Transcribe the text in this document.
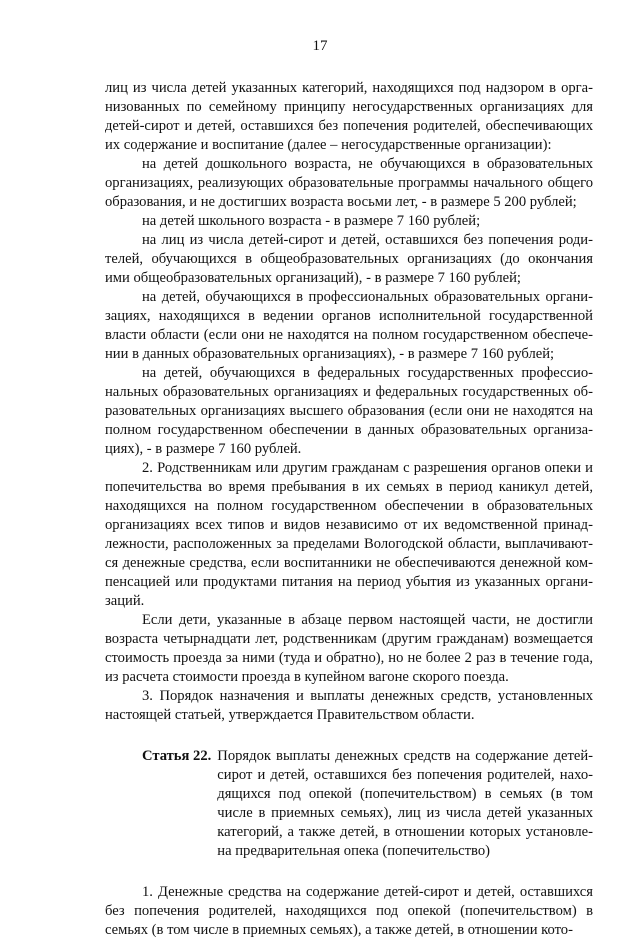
17

лиц из числа детей указанных категорий, находящихся под надзором в организованных по семейному принципу негосударственных организациях для детей-сирот и детей, оставшихся без попечения родителей, обеспечивающих их содержание и воспитание (далее – негосударственные организации):

на детей дошкольного возраста, не обучающихся в образовательных организациях, реализующих образовательные программы начального общего образования, и не достигших возраста восьми лет, - в размере 5 200 рублей;

на детей школьного возраста - в размере 7 160 рублей;

на лиц из числа детей-сирот и детей, оставшихся без попечения родителей, обучающихся в общеобразовательных организациях (до окончания ими общеобразовательных организаций), - в размере 7 160 рублей;

на детей, обучающихся в профессиональных образовательных организациях, находящихся в ведении органов исполнительной государственной власти области (если они не находятся на полном государственном обеспечении в данных образовательных организациях), - в размере 7 160 рублей;

на детей, обучающихся в федеральных государственных профессиональных образовательных организациях и федеральных государственных образовательных организациях высшего образования (если они не находятся на полном государственном обеспечении в данных образовательных организациях), - в размере 7 160 рублей.

2. Родственникам или другим гражданам с разрешения органов опеки и попечительства во время пребывания в их семьях в период каникул детей, находящихся на полном государственном обеспечении в образовательных организациях всех типов и видов независимо от их ведомственной принадлежности, расположенных за пределами Вологодской области, выплачиваются денежные средства, если воспитанники не обеспечиваются денежной компенсацией или продуктами питания на период убытия из указанных организаций.

Если дети, указанные в абзаце первом настоящей части, не достигли возраста четырнадцати лет, родственникам (другим гражданам) возмещается стоимость проезда за ними (туда и обратно), но не более 2 раз в течение года, из расчета стоимости проезда в купейном вагоне скорого поезда.

3. Порядок назначения и выплаты денежных средств, установленных настоящей статьей, утверждается Правительством области.

Статья 22. Порядок выплаты денежных средств на содержание детей-сирот и детей, оставшихся без попечения родителей, находящихся под опекой (попечительством) в семьях (в том числе в приемных семьях), лиц из числа детей указанных категорий, а также детей, в отношении которых установлена предварительная опека (попечительство)

1. Денежные средства на содержание детей-сирот и детей, оставшихся без попечения родителей, находящихся под опекой (попечительством) в семьях (в том числе в приемных семьях), а также детей, в отношении кото-
